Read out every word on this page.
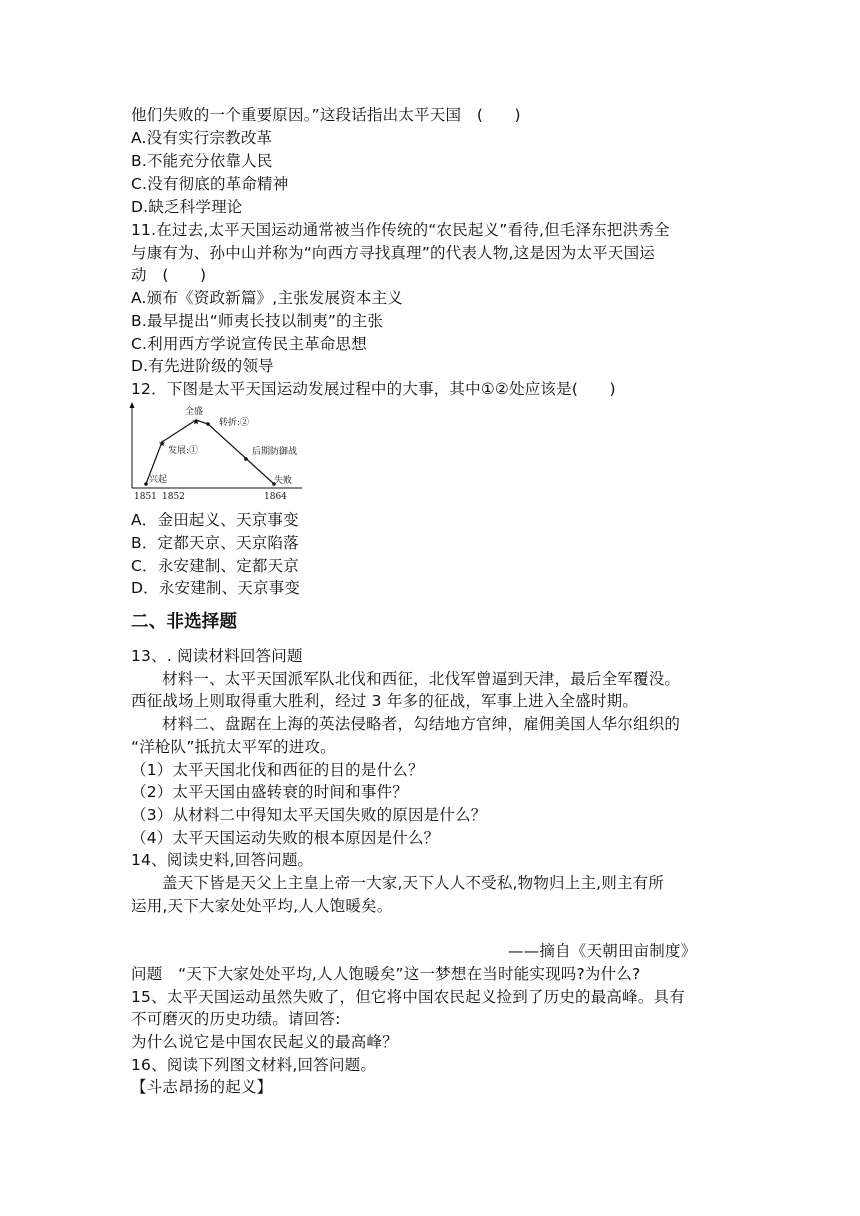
他们失败的一个重要原因。”这段话指出太平天国　(　　)
A.没有实行宗教改革
B.不能充分依靠人民
C.没有彻底的革命精神
D.缺乏科学理论
11.在过去,太平天国运动通常被当作传统的“农民起义”看待,但毛泽东把洪秀全
与康有为、孙中山并称为“向西方寻找真理”的代表人物,这是因为太平天国运
动　(　　)
A.颁布《资政新篇》,主张发展资本主义
B.最早提出“师夷长技以制夷”的主张
C.利用西方学说宣传民主革命思想
D.有先进阶级的领导
12．下图是太平天国运动发展过程中的大事，其中①②处应该是(　　)
★
★
兴起
发展:①
全盛
转折:②
后期防御战
失败
1851 1852	1864
A．金田起义、天京事变
B．定都天京、天京陷落
C．永安建制、定都天京
D．永安建制、天京事变
二、非选择题
13、. 阅读材料回答问题
材料一、太平天国派军队北伐和西征，北伐军曾逼到天津，最后全军覆没。
西征战场上则取得重大胜利，经过 3 年多的征战，军事上进入全盛时期。
材料二、盘踞在上海的英法侵略者，勾结地方官绅，雇佣美国人华尔组织的
“洋枪队”抵抗太平军的进攻。
（1）太平天国北伐和西征的目的是什么？
（2）太平天国由盛转衰的时间和事件？
（3）从材料二中得知太平天国失败的原因是什么？
（4）太平天国运动失败的根本原因是什么？
14、阅读史料,回答问题。
盖天下皆是天父上主皇上帝一大家,天下人人不受私,物物归上主,则主有所
运用,天下大家处处平均,人人饱暖矣。
——摘自《天朝田亩制度》
问题　“天下大家处处平均,人人饱暖矣”这一梦想在当时能实现吗?为什么?
15、太平天国运动虽然失败了，但它将中国农民起义捡到了历史的最高峰。具有
不可磨灭的历史功绩。请回答:
为什么说它是中国农民起义的最高峰？
16、阅读下列图文材料,回答问题。
【斗志昂扬的起义】
